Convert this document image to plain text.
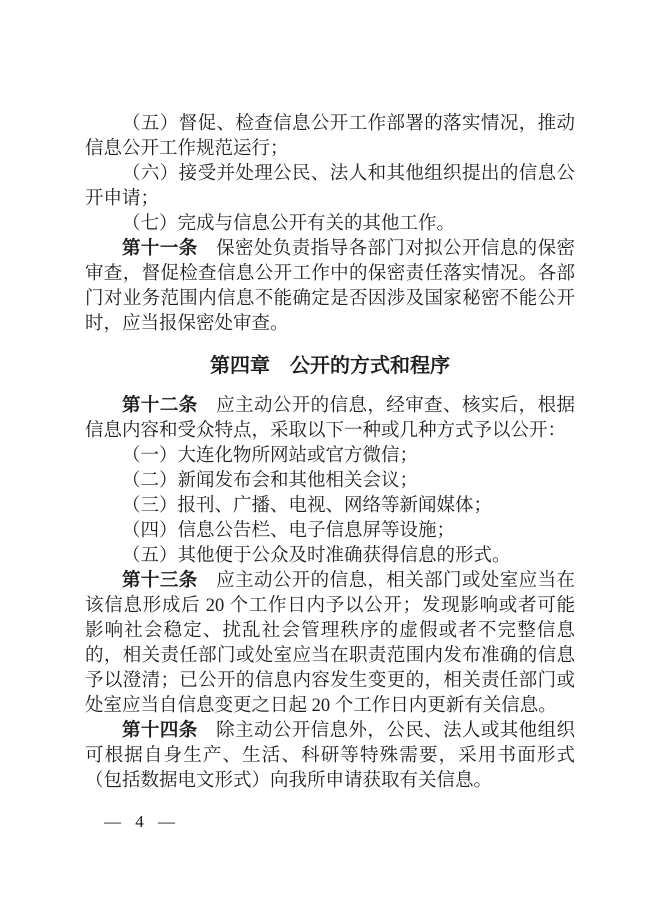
（五）督促、检查信息公开工作部署的落实情况，推动信息公开工作规范运行；

（六）接受并处理公民、法人和其他组织提出的信息公开申请；

（七）完成与信息公开有关的其他工作。

第十一条 保密处负责指导各部门对拟公开信息的保密审查，督促检查信息公开工作中的保密责任落实情况。各部门对业务范围内信息不能确定是否因涉及国家秘密不能公开时，应当报保密处审查。

第四章 公开的方式和程序

第十二条 应主动公开的信息，经审查、核实后，根据信息内容和受众特点，采取以下一种或几种方式予以公开：

（一）大连化物所网站或官方微信；

（二）新闻发布会和其他相关会议；

（三）报刊、广播、电视、网络等新闻媒体；

（四）信息公告栏、电子信息屏等设施；

（五）其他便于公众及时准确获得信息的形式。

第十三条 应主动公开的信息，相关部门或处室应当在该信息形成后 20 个工作日内予以公开；发现影响或者可能影响社会稳定、扰乱社会管理秩序的虚假或者不完整信息的，相关责任部门或处室应当在职责范围内发布准确的信息予以澄清；已公开的信息内容发生变更的，相关责任部门或处室应当自信息变更之日起 20 个工作日内更新有关信息。

第十四条 除主动公开信息外，公民、法人或其他组织可根据自身生产、生活、科研等特殊需要，采用书面形式（包括数据电文形式）向我所申请获取有关信息。

— 4 —
